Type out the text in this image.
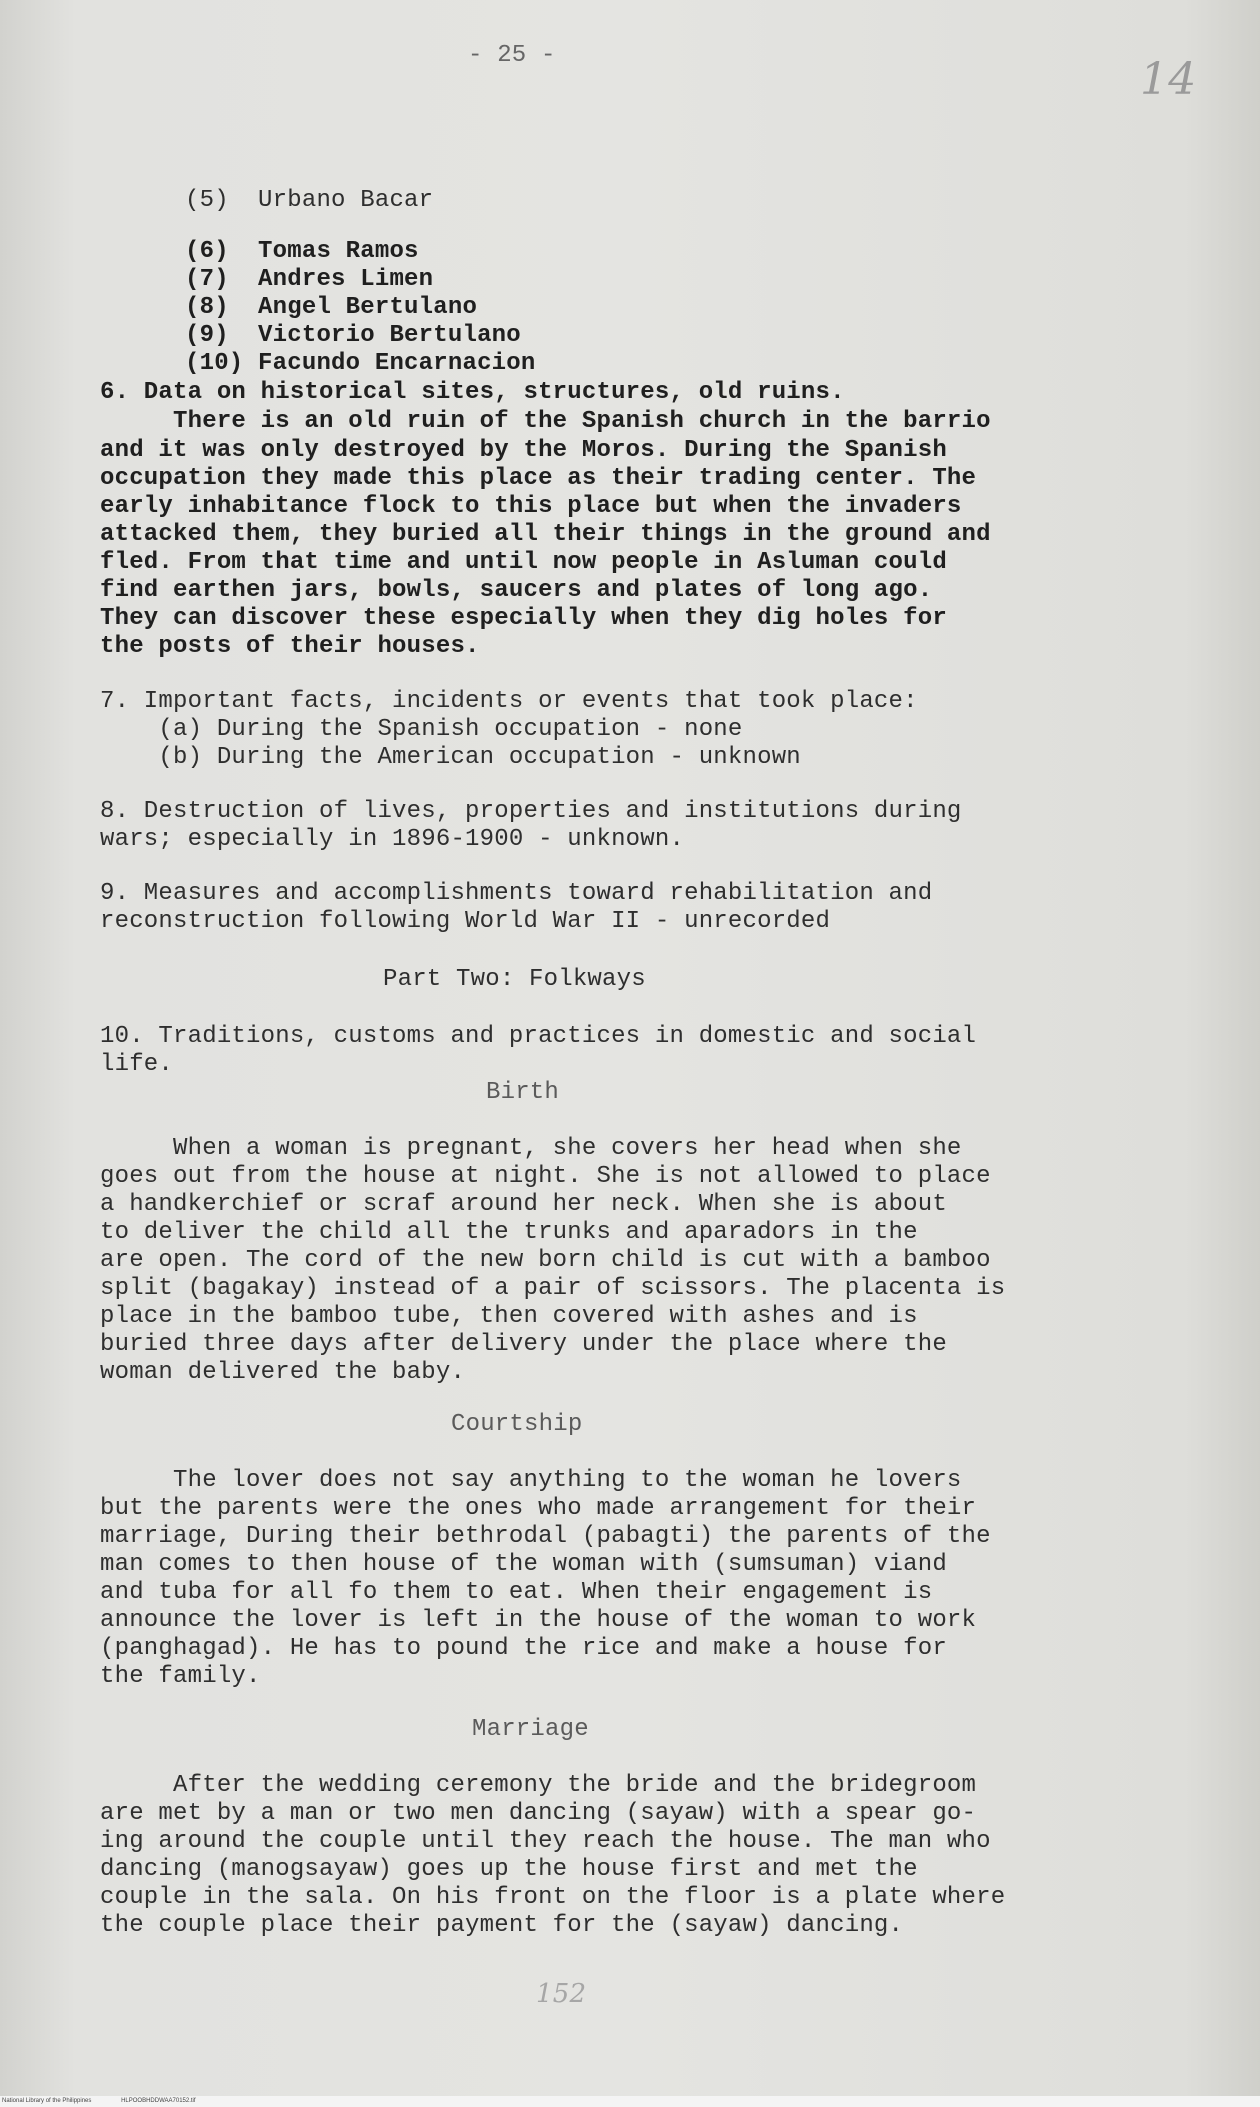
- 25 -	14
(5) Urbano Bacar
(6) Tomas Ramos
(7) Andres Limen
(8) Angel Bertulano
(9) Victorio Bertulano
(10) Facundo Encarnacion
6. Data on historical sites, structures, old ruins.
There is an old ruin of the Spanish church in the barrio
and it was only destroyed by the Moros. During the Spanish
occupation they made this place as their trading center. The
early inhabitance flock to this place but when the invaders
attacked them, they buried all their things in the ground and
fled. From that time and until now people in Asluman could
find earthen jars, bowls, saucers and plates of long ago.
They can discover these especially when they dig holes for
the posts of their houses.
7. Important facts, incidents or events that took place:
(a) During the Spanish occupation - none
(b) During the American occupation - unknown
8. Destruction of lives, properties and institutions during
wars; especially in 1896-1900 - unknown.
9. Measures and accomplishments toward rehabilitation and
reconstruction following World War II - unrecorded
Part Two: Folkways
10. Traditions, customs and practices in domestic and social
life.
Birth
When a woman is pregnant, she covers her head when she
goes out from the house at night. She is not allowed to place
a handkerchief or scraf around her neck. When she is about
to deliver the child all the trunks and aparadors in the
are open. The cord of the new born child is cut with a bamboo
split (bagakay) instead of a pair of scissors. The placenta is
place in the bamboo tube, then covered with ashes and is
buried three days after delivery under the place where the
woman delivered the baby.
Courtship
The lover does not say anything to the woman he lovers
but the parents were the ones who made arrangement for their
marriage, During their bethrodal (pabagti) the parents of the
man comes to then house of the woman with (sumsuman) viand
and tuba for all fo them to eat. When their engagement is
announce the lover is left in the house of the woman to work
(panghagad). He has to pound the rice and make a house for
the family.
Marriage
After the wedding ceremony the bride and the bridegroom
are met by a man or two men dancing (sayaw) with a spear go-
ing around the couple until they reach the house. The man who
dancing (manogsayaw) goes up the house first and met the
couple in the sala. On his front on the floor is a plate where
the couple place their payment for the (sayaw) dancing.
152
National Library of the Philippines	HLPOOBHDDWAA70152.tif
